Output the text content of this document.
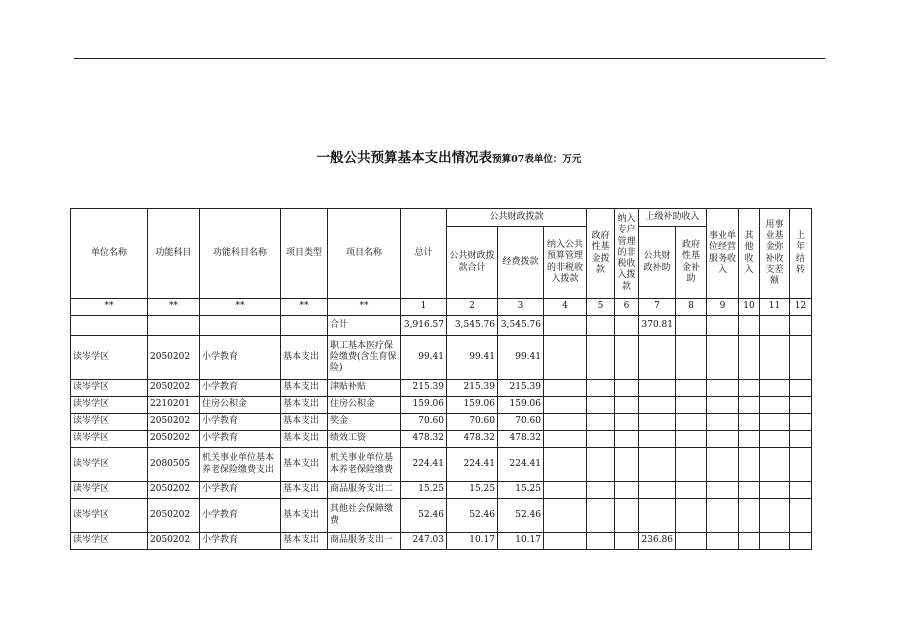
一般公共预算基本支出情况表预算07表单位：万元
单位名称	功能科目	功能科目名称	项目类型	项目名称	总计	公共财政拨款			政府性基金拨款	纳入专户管理的非税收入拨款	上级补助收入		事业单位经营服务收入	其他收入	用事业基金弥补收支差额	上年结转
						公共财政拨款合计	经费拨款	纳入公共预算管理的非税收入拨款			公共财政补助	政府性基金补助				
**	**	**	**	**	1	2	3	4	5	6	7	8	9	10	11	12
				合计	3,916.57	3,545.76	3,545.76				370.81					
读岑学区	2050202	小学教育	基本支出	职工基本医疗保险缴费(含生育保险)	99.41	99.41	99.41									
读岑学区	2050202	小学教育	基本支出	津贴补贴	215.39	215.39	215.39									
读岑学区	2210201	住房公积金	基本支出	住房公积金	159.06	159.06	159.06									
读岑学区	2050202	小学教育	基本支出	奖金	70.60	70.60	70.60									
读岑学区	2050202	小学教育	基本支出	绩效工资	478.32	478.32	478.32									
读岑学区	2080505	机关事业单位基本养老保险缴费支出	基本支出	机关事业单位基本养老保险缴费	224.41	224.41	224.41									
读岑学区	2050202	小学教育	基本支出	商品服务支出二	15.25	15.25	15.25									
读岑学区	2050202	小学教育	基本支出	其他社会保障缴费	52.46	52.46	52.46									
读岑学区	2050202	小学教育	基本支出	商品服务支出一	247.03	10.17	10.17				236.86					
